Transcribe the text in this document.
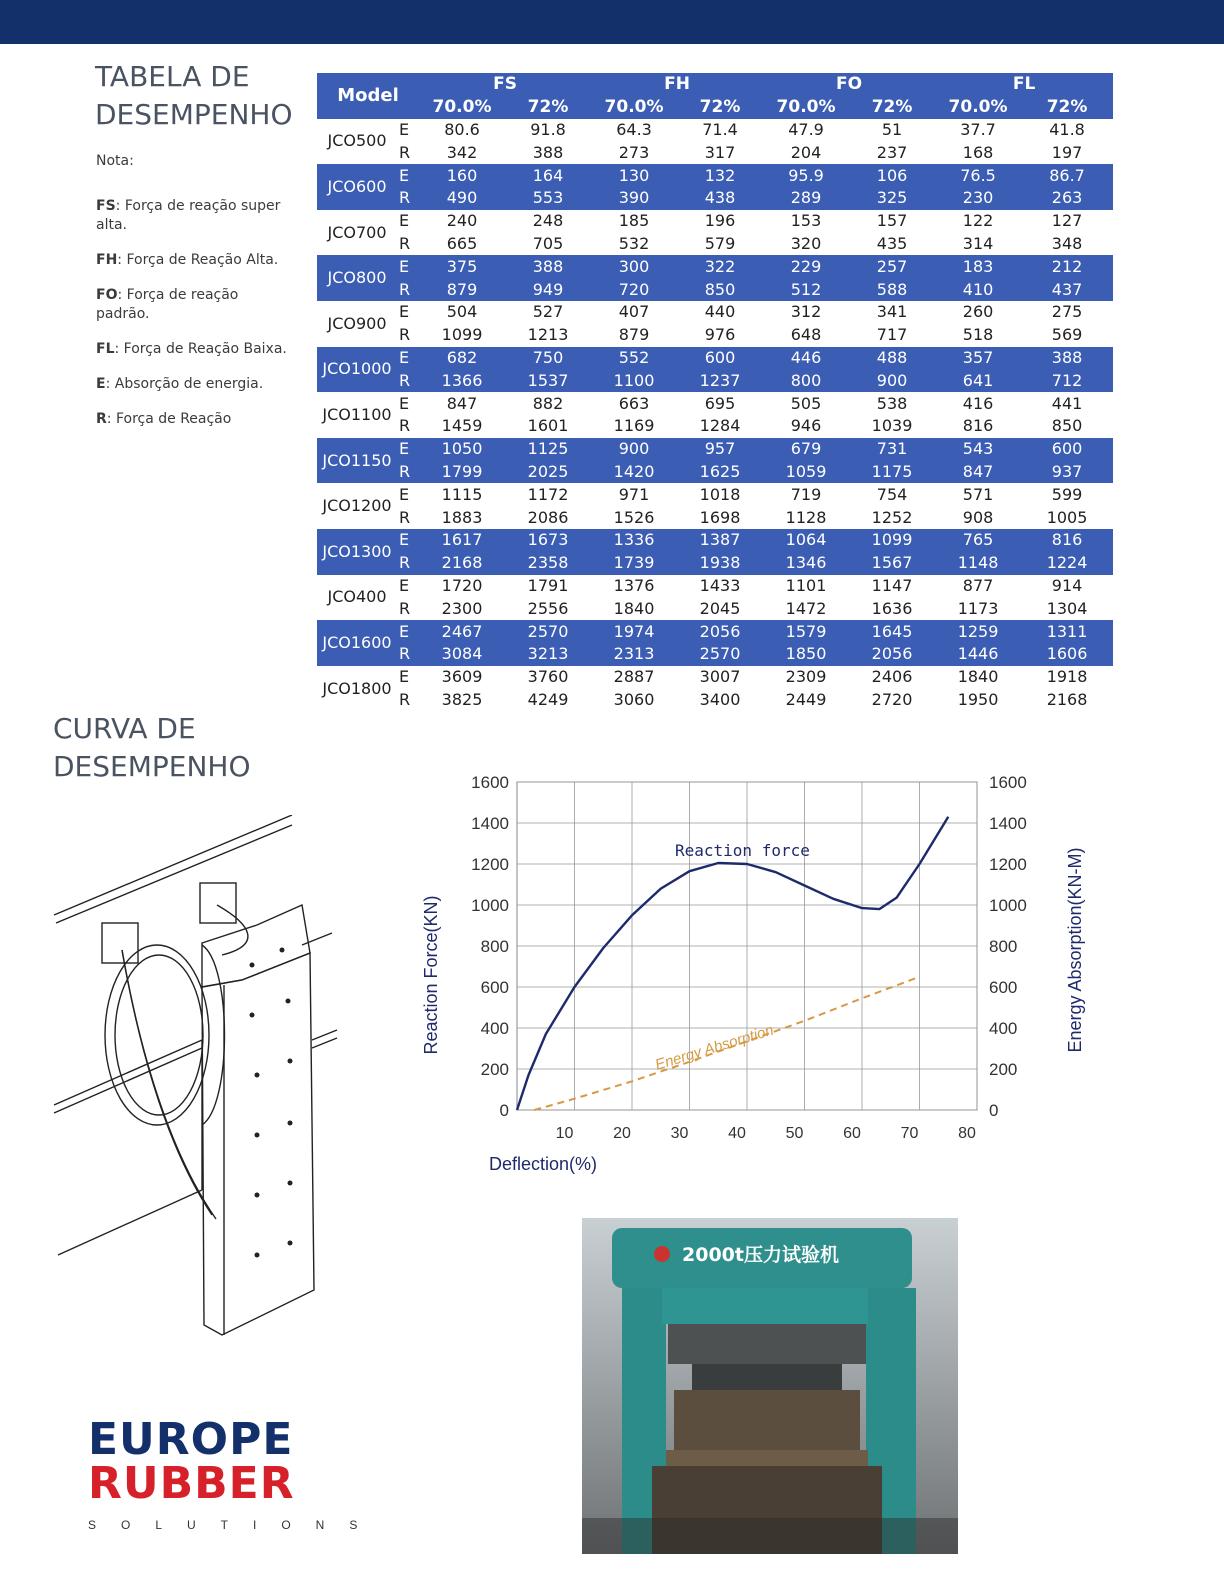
TABELA DE
DESEMPENHO
Nota:
FS: Força de reação super alta.
FH: Força de Reação Alta.
FO: Força de reação padrão.
FL: Força de Reação Baixa.
E: Absorção de energia.
R: Força de Reação
Model		FS		FH		FO		FL	
		70.0%	72%	70.0%	72%	70.0%	72%	70.0%	72%
JCO500	E	80.6	91.8	64.3	71.4	47.9	51	37.7	41.8
	R	342	388	273	317	204	237	168	197
JCO600	E	160	164	130	132	95.9	106	76.5	86.7
	R	490	553	390	438	289	325	230	263
JCO700	E	240	248	185	196	153	157	122	127
	R	665	705	532	579	320	435	314	348
JCO800	E	375	388	300	322	229	257	183	212
	R	879	949	720	850	512	588	410	437
JCO900	E	504	527	407	440	312	341	260	275
	R	1099	1213	879	976	648	717	518	569
JCO1000	E	682	750	552	600	446	488	357	388
	R	1366	1537	1100	1237	800	900	641	712
JCO1100	E	847	882	663	695	505	538	416	441
	R	1459	1601	1169	1284	946	1039	816	850
JCO1150	E	1050	1125	900	957	679	731	543	600
	R	1799	2025	1420	1625	1059	1175	847	937
JCO1200	E	1115	1172	971	1018	719	754	571	599
	R	1883	2086	1526	1698	1128	1252	908	1005
JCO1300	E	1617	1673	1336	1387	1064	1099	765	816
	R	2168	2358	1739	1938	1346	1567	1148	1224
JCO400	E	1720	1791	1376	1433	1101	1147	877	914
	R	2300	2556	1840	2045	1472	1636	1173	1304
JCO1600	E	2467	2570	1974	2056	1579	1645	1259	1311
	R	3084	3213	2313	2570	1850	2056	1446	1606
JCO1800	E	3609	3760	2887	3007	2309	2406	1840	1918
	R	3825	4249	3060	3400	2449	2720	1950	2168
CURVA DE
DESEMPENHO
0
200
400
600
800
1000
1200
1400
1600
0
200
400
600
800
1000
1200
1400
1600
10 20 30 40 50 60 70 80
Deflection(%)
Reaction Force(KN)	Energy Absorption(KN-M)
Reaction force
Energy Absorption
EUROPE
RUBBER
SOLUTIONS
2000t压力试验机
